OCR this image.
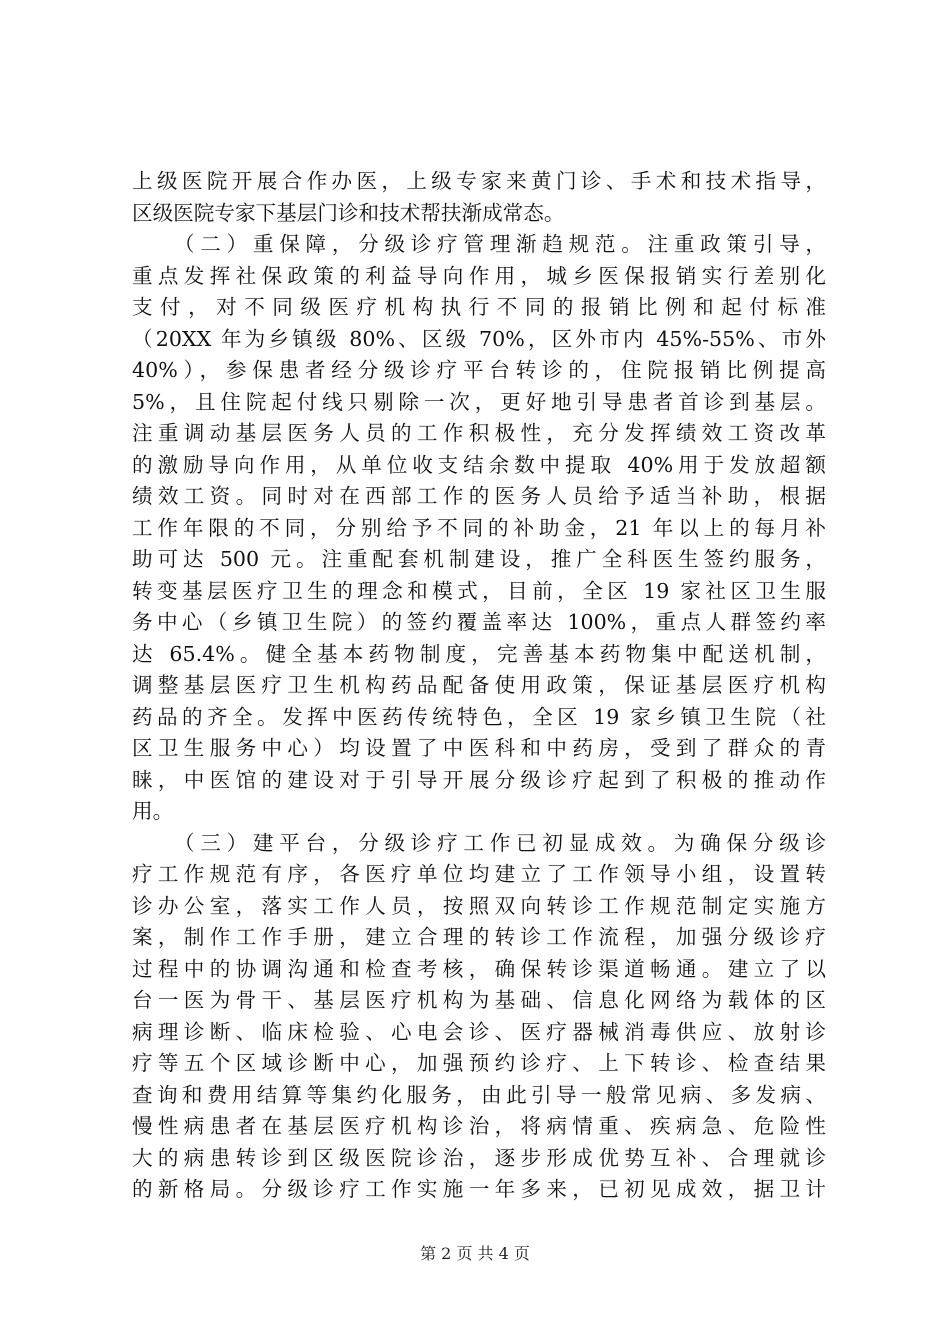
上级医院开展合作办医，上级专家来黄门诊、手术和技术指导，
区级医院专家下基层门诊和技术帮扶渐成常态。
（二）重保障，分级诊疗管理渐趋规范。注重政策引导，
重点发挥社保政策的利益导向作用，城乡医保报销实行差别化
支付，对不同级医疗机构执行不同的报销比例和起付标准
（20XX 年为乡镇级 80%、区级 70%，区外市内 45%-55%、市外
40%），参保患者经分级诊疗平台转诊的，住院报销比例提高
5%，且住院起付线只剔除一次，更好地引导患者首诊到基层。
注重调动基层医务人员的工作积极性，充分发挥绩效工资改革
的激励导向作用，从单位收支结余数中提取 40%用于发放超额
绩效工资。同时对在西部工作的医务人员给予适当补助，根据
工作年限的不同，分别给予不同的补助金，21 年以上的每月补
助可达 500 元。注重配套机制建设，推广全科医生签约服务，
转变基层医疗卫生的理念和模式，目前，全区 19 家社区卫生服
务中心（乡镇卫生院）的签约覆盖率达 100%，重点人群签约率
达 65.4%。健全基本药物制度，完善基本药物集中配送机制，
调整基层医疗卫生机构药品配备使用政策，保证基层医疗机构
药品的齐全。发挥中医药传统特色，全区 19 家乡镇卫生院（社
区卫生服务中心）均设置了中医科和中药房，受到了群众的青
睐，中医馆的建设对于引导开展分级诊疗起到了积极的推动作
用。
（三）建平台，分级诊疗工作已初显成效。为确保分级诊
疗工作规范有序，各医疗单位均建立了工作领导小组，设置转
诊办公室，落实工作人员，按照双向转诊工作规范制定实施方
案，制作工作手册，建立合理的转诊工作流程，加强分级诊疗
过程中的协调沟通和检查考核，确保转诊渠道畅通。建立了以
台一医为骨干、基层医疗机构为基础、信息化网络为载体的区
病理诊断、临床检验、心电会诊、医疗器械消毒供应、放射诊
疗等五个区域诊断中心，加强预约诊疗、上下转诊、检查结果
查询和费用结算等集约化服务，由此引导一般常见病、多发病、
慢性病患者在基层医疗机构诊治，将病情重、疾病急、危险性
大的病患转诊到区级医院诊治，逐步形成优势互补、合理就诊
的新格局。分级诊疗工作实施一年多来，已初见成效，据卫计
第 2 页 共 4 页
